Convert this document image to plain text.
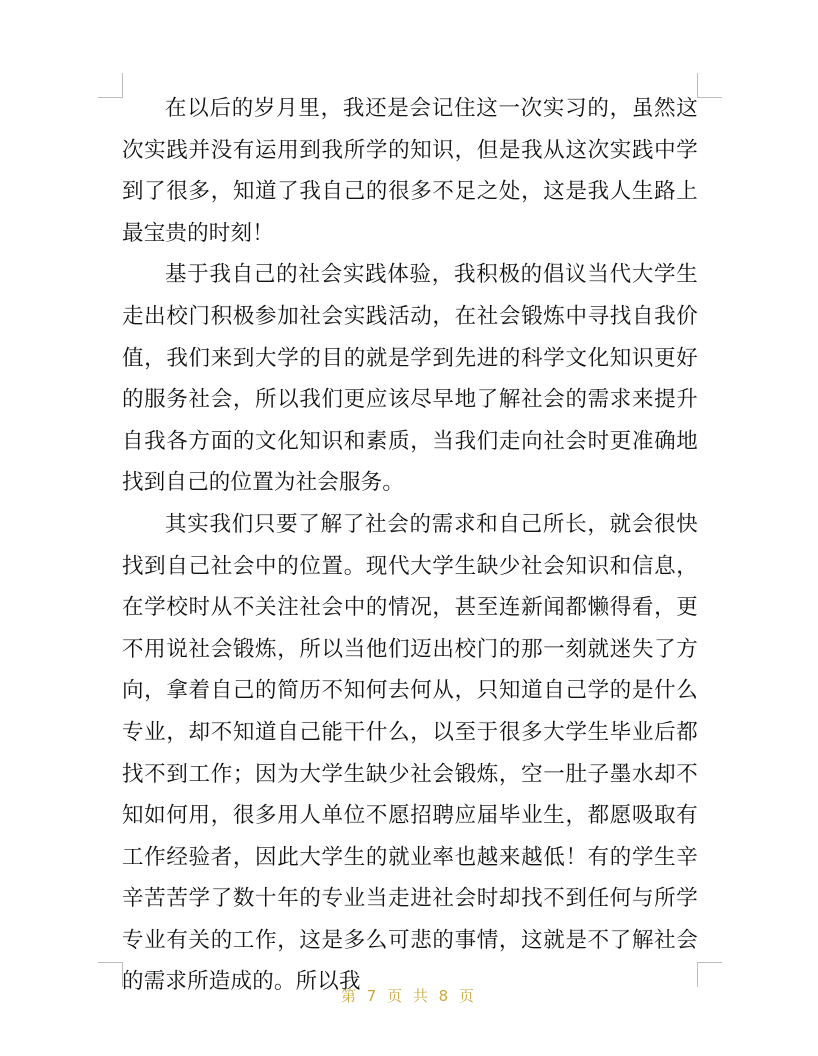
在以后的岁月里，我还是会记住这一次实习的，虽然这次实践并没有运用到我所学的知识，但是我从这次实践中学到了很多，知道了我自己的很多不足之处，这是我人生路上最宝贵的时刻！

基于我自己的社会实践体验，我积极的倡议当代大学生走出校门积极参加社会实践活动，在社会锻炼中寻找自我价值，我们来到大学的目的就是学到先进的科学文化知识更好的服务社会，所以我们更应该尽早地了解社会的需求来提升自我各方面的文化知识和素质，当我们走向社会时更准确地找到自己的位置为社会服务。

其实我们只要了解了社会的需求和自己所长，就会很快找到自己社会中的位置。现代大学生缺少社会知识和信息，在学校时从不关注社会中的情况，甚至连新闻都懒得看，更不用说社会锻炼，所以当他们迈出校门的那一刻就迷失了方向，拿着自己的简历不知何去何从，只知道自己学的是什么专业，却不知道自己能干什么，以至于很多大学生毕业后都找不到工作；因为大学生缺少社会锻炼，空一肚子墨水却不知如何用，很多用人单位不愿招聘应届毕业生，都愿吸取有工作经验者，因此大学生的就业率也越来越低！有的学生辛辛苦苦学了数十年的专业当走进社会时却找不到任何与所学专业有关的工作，这是多么可悲的事情，这就是不了解社会的需求所造成的。所以我

第 7 页 共 8 页
